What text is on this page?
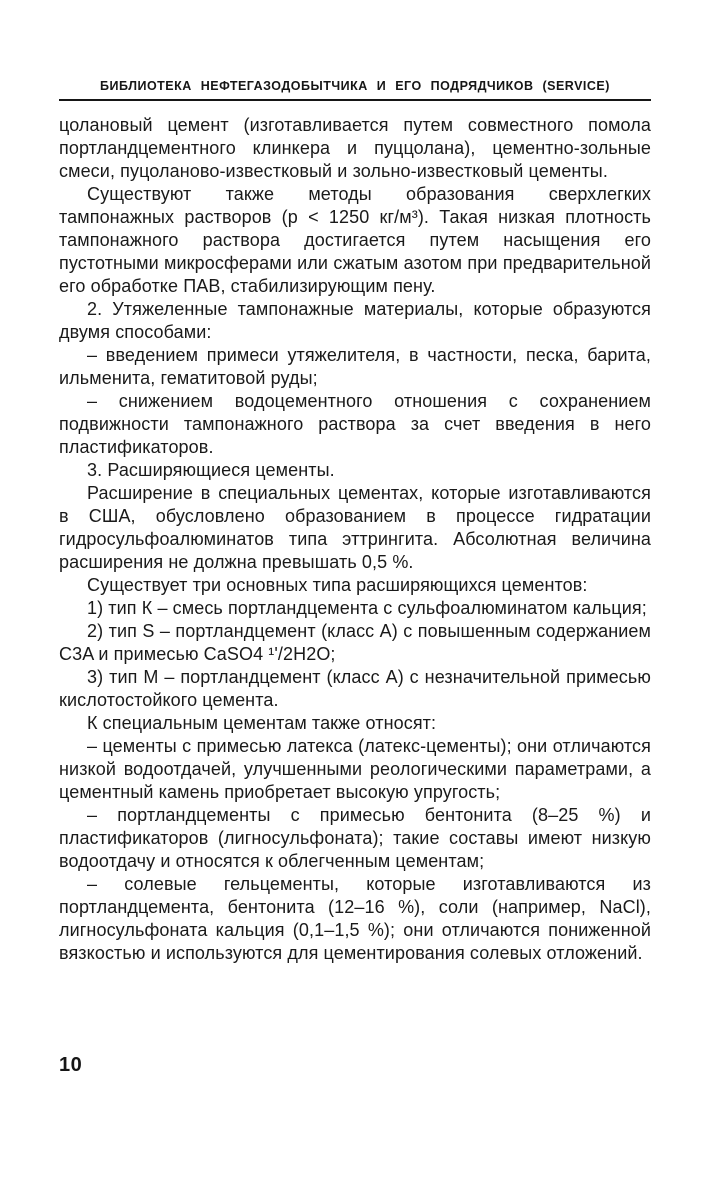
БИБЛИОТЕКА НЕФТЕГАЗОДОБЫТЧИКА И ЕГО ПОДРЯДЧИКОВ (SERVICE)

цолановый цемент (изготавливается путем совместного помола портландцементного клинкера и пуццолана), цементно-зольные смеси, пуцоланово-известковый и зольно-известковый цементы.

Существуют также методы образования сверхлегких тампонажных растворов (р < 1250 кг/м³). Такая низкая плотность тампонажного раствора достигается путем насыщения его пустотными микросферами или сжатым азотом при предварительной его обработке ПАВ, стабилизирующим пену.

2. Утяжеленные тампонажные материалы, которые образуются двумя способами:

– введением примеси утяжелителя, в частности, песка, барита, ильменита, гематитовой руды;

– снижением водоцементного отношения с сохранением подвижности тампонажного раствора за счет введения в него пластификаторов.

3. Расширяющиеся цементы.

Расширение в специальных цементах, которые изготавливаются в США, обусловлено образованием в процессе гидратации гидросульфоалюминатов типа эттрингита. Абсолютная величина расширения не должна превышать 0,5 %.

Существует три основных типа расширяющихся цементов:

1) тип К – смесь портландцемента с сульфоалюминатом кальция;

2) тип S – портландцемент (класс A) с повышенным содержанием C3A и примесью CaSO4 ¹'/2H2O;

3) тип М – портландцемент (класс A) с незначительной примесью кислотостойкого цемента.

К специальным цементам также относят:

– цементы с примесью латекса (латекс-цементы); они отличаются низкой водоотдачей, улучшенными реологическими параметрами, а цементный камень приобретает высокую упругость;

– портландцементы с примесью бентонита (8–25 %) и пластификаторов (лигносульфоната); такие составы имеют низкую водоотдачу и относятся к облегченным цементам;

– солевые гельцементы, которые изготавливаются из портландцемента, бентонита (12–16 %), соли (например, NaCl), лигносульфоната кальция (0,1–1,5 %); они отличаются пониженной вязкостью и используются для цементирования солевых отложений.

10
